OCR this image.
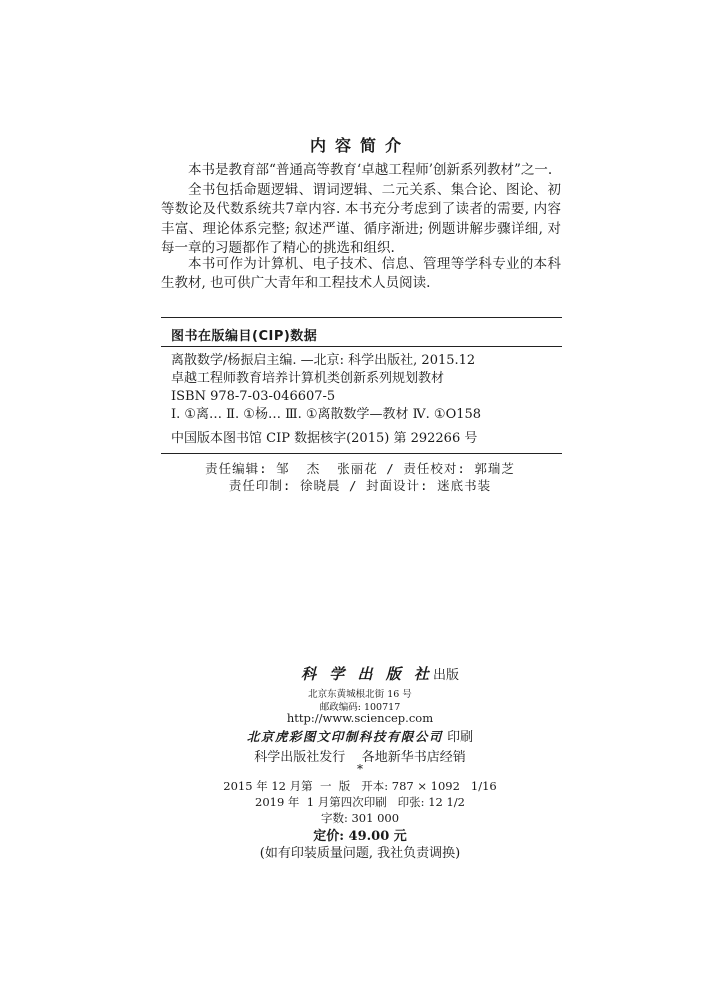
内容简介
本书是教育部“普通高等教育‘卓越工程师’创新系列教材”之一.
全书包括命题逻辑、谓词逻辑、二元关系、集合论、图论、初等数论及代数系统共7章内容. 本书充分考虑到了读者的需要, 内容丰富、理论体系完整; 叙述严谨、循序渐进; 例题讲解步骤详细, 对每一章的习题都作了精心的挑选和组织.
本书可作为计算机、电子技术、信息、管理等学科专业的本科生教材, 也可供广大青年和工程技术人员阅读.
图书在版编目(CIP)数据
离散数学/杨振启主编. —北京: 科学出版社, 2015.12
卓越工程师教育培养计算机类创新系列规划教材
ISBN 978-7-03-046607-5
Ⅰ. ①离… Ⅱ. ①杨… Ⅲ. ①离散数学—教材 Ⅳ. ①O158
中国版本图书馆 CIP 数据核字(2015) 第 292266 号
责任编辑: 邹  杰  张丽花 / 责任校对: 郭瑞芝
责任印制: 徐晓晨 / 封面设计: 迷底书装
科 学 出 版 社出版
北京东黄城根北街 16 号
邮政编码: 100717
http://www.sciencep.com
北京虎彩图文印制科技有限公司 印刷
科学出版社发行    各地新华书店经销
*
2015 年 12 月第  一  版   开本: 787 × 1092   1/16
2019 年  1 月第四次印刷   印张: 12 1/2
字数: 301 000
定价: 49.00 元
(如有印装质量问题, 我社负责调换)
